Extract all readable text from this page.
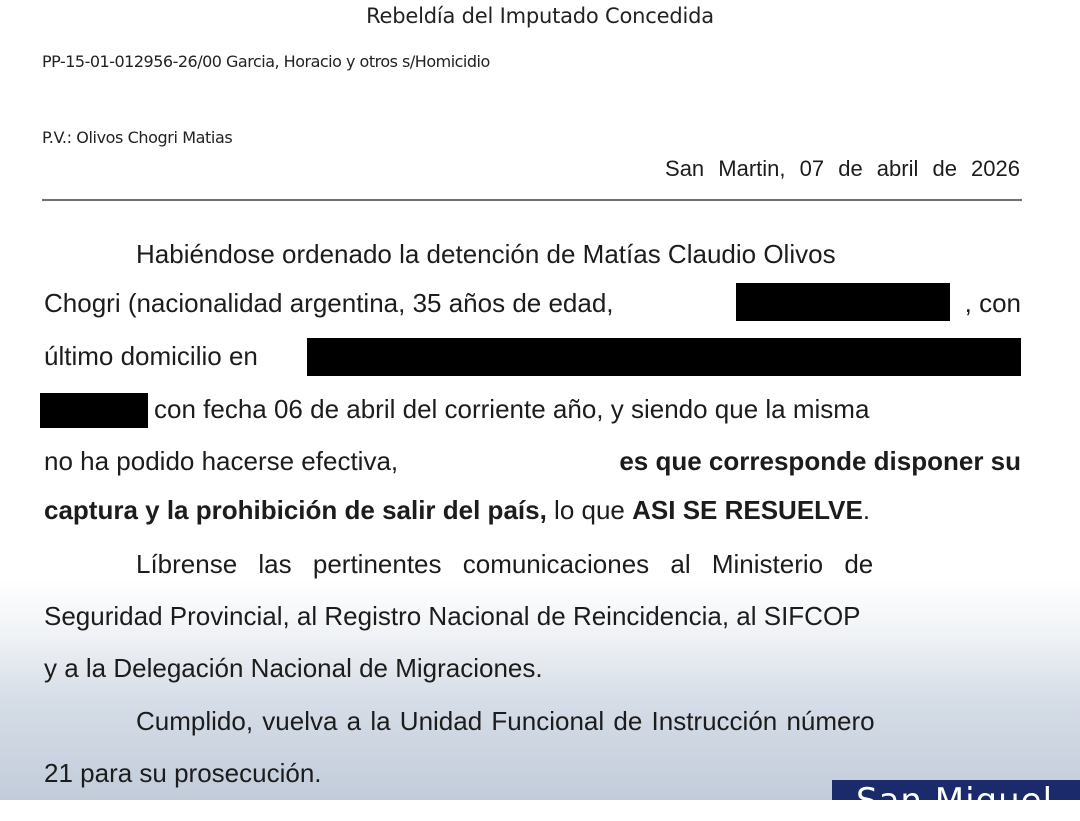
Rebeldía del Imputado Concedida
PP-15-01-012956-26/00 Garcia, Horacio y otros s/Homicidio
P.V.: Olivos Chogri Matias
San Martin, 07 de abril de 2026
Habiéndose ordenado la detención de Matías Claudio Olivos
Chogri (nacionalidad argentina, 35 años de edad,	, con
último domicilio en
con fecha 06 de abril del corriente año, y siendo que la misma
no ha podido hacerse efectiva,	es que corresponde disponer su
captura y la prohibición de salir del país, lo que ASI SE RESUELVE.
Líbrense las pertinentes comunicaciones al Ministerio de
Seguridad Provincial, al Registro Nacional de Reincidencia, al SIFCOP
y a la Delegación Nacional de Migraciones.
Cumplido, vuelva a la Unidad Funcional de Instrucción número
21 para su prosecución.
San Miguel
